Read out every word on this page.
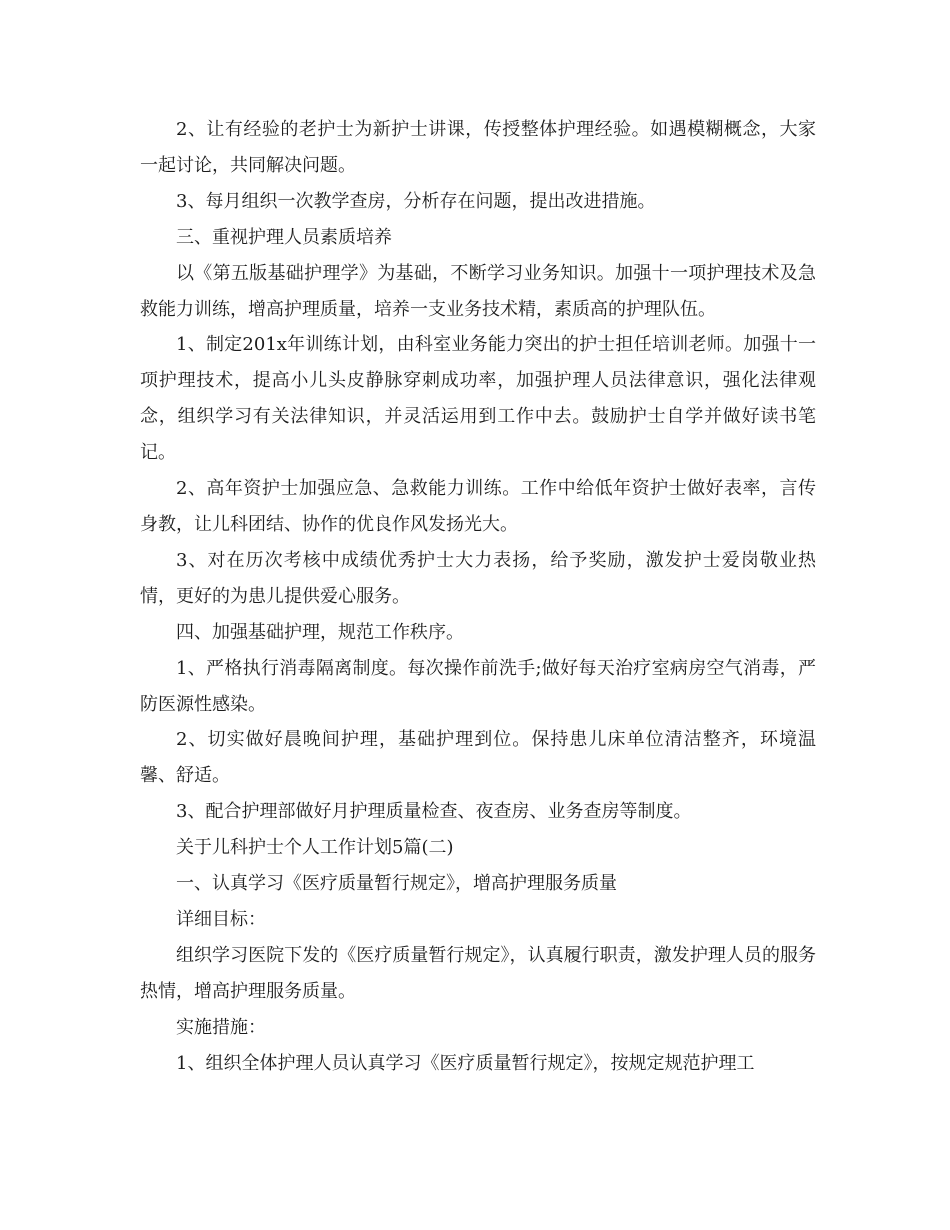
2、让有经验的老护士为新护士讲课，传授整体护理经验。如遇模糊概念，大家一起讨论，共同解决问题。

3、每月组织一次教学查房，分析存在问题，提出改进措施。

三、重视护理人员素质培养

以《第五版基础护理学》为基础，不断学习业务知识。加强十一项护理技术及急救能力训练，增高护理质量，培养一支业务技术精，素质高的护理队伍。

1、制定201x年训练计划，由科室业务能力突出的护士担任培训老师。加强十一项护理技术，提高小儿头皮静脉穿刺成功率，加强护理人员法律意识，强化法律观念，组织学习有关法律知识，并灵活运用到工作中去。鼓励护士自学并做好读书笔记。

2、高年资护士加强应急、急救能力训练。工作中给低年资护士做好表率，言传身教，让儿科团结、协作的优良作风发扬光大。

3、对在历次考核中成绩优秀护士大力表扬，给予奖励，激发护士爱岗敬业热情，更好的为患儿提供爱心服务。

四、加强基础护理，规范工作秩序。

1、严格执行消毒隔离制度。每次操作前洗手;做好每天治疗室病房空气消毒，严防医源性感染。

2、切实做好晨晚间护理，基础护理到位。保持患儿床单位清洁整齐，环境温馨、舒适。

3、配合护理部做好月护理质量检查、夜查房、业务查房等制度。

关于儿科护士个人工作计划5篇(二)

一、认真学习《医疗质量暂行规定》，增高护理服务质量

详细目标：

组织学习医院下发的《医疗质量暂行规定》，认真履行职责，激发护理人员的服务热情，增高护理服务质量。

实施措施：

1、组织全体护理人员认真学习《医疗质量暂行规定》，按规定规范护理工
